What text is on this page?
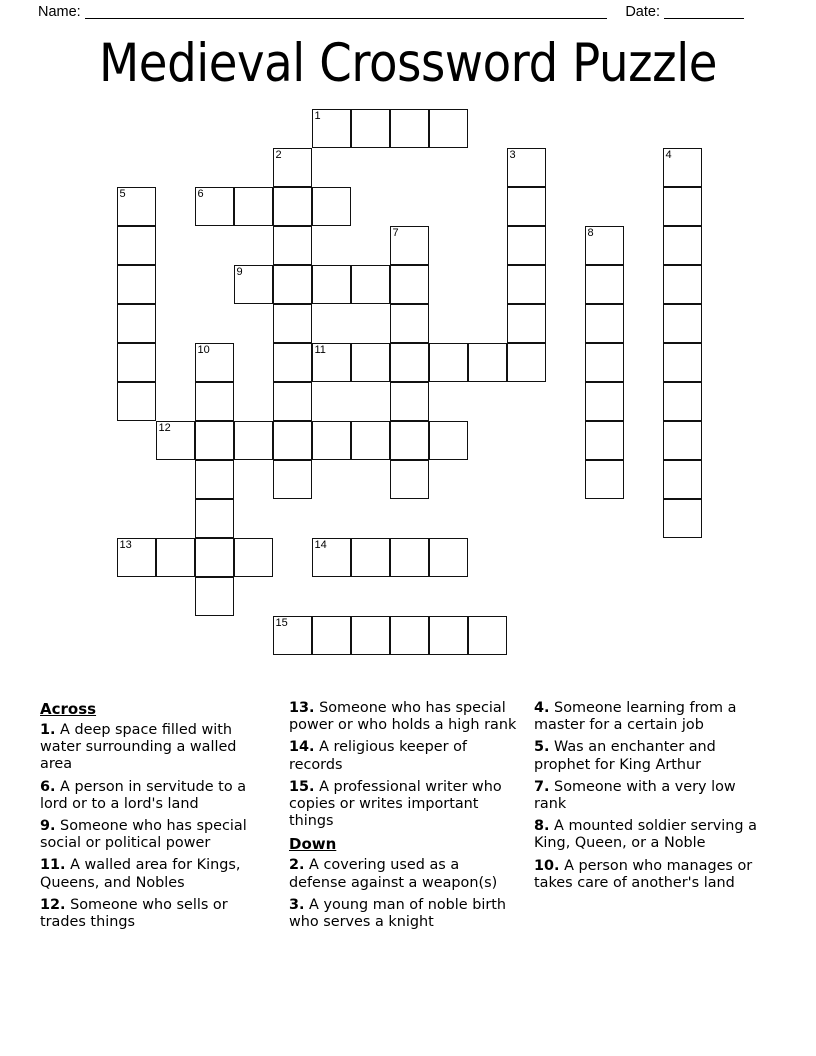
Name:	Date:
Medieval Crossword Puzzle
1
2	3	4
5	6
7	8
9
10	11
12
13	14
15
Across

1. A deep space filled with water surrounding a walled area

6. A person in servitude to a lord or to a lord's land

9. Someone who has special social or political power

11. A walled area for Kings, Queens, and Nobles

12. Someone who sells or trades things

13. Someone who has special power or who holds a high rank

14. A religious keeper of records

15. A professional writer who copies or writes important things

Down

2. A covering used as a defense against a weapon(s)

3. A young man of noble birth who serves a knight

4. Someone learning from a master for a certain job

5. Was an enchanter and prophet for King Arthur

7. Someone with a very low rank

8. A mounted soldier serving a King, Queen, or a Noble

10. A person who manages or takes care of another's land
